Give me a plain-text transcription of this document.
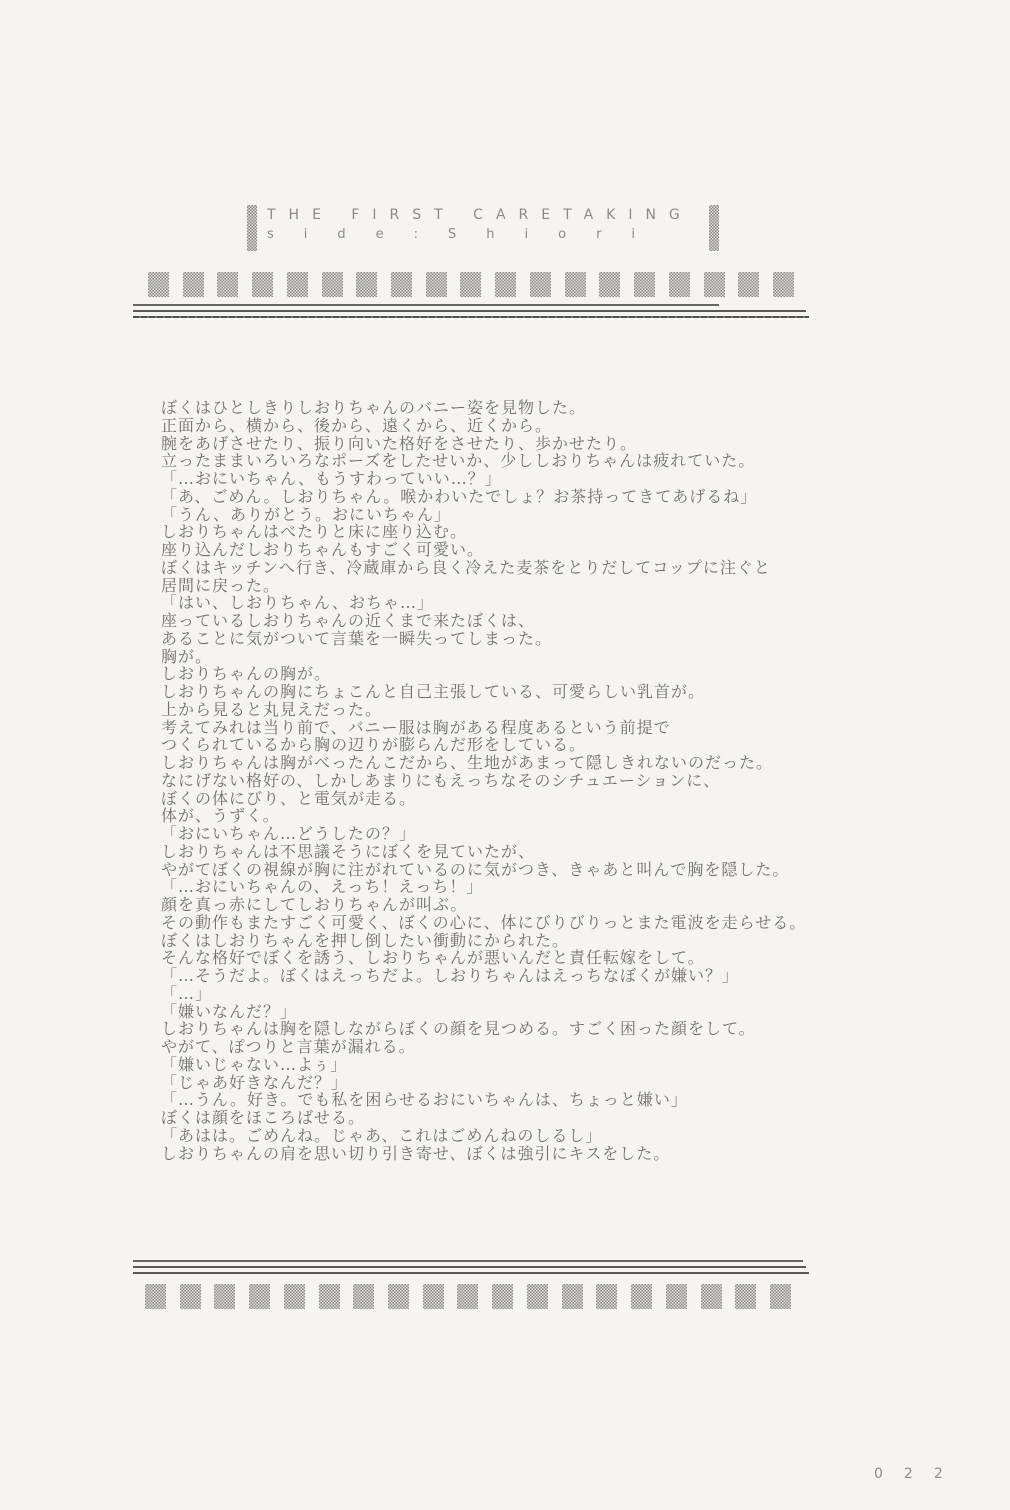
THE FIRST CARETAKING
side:Shiori
ぼくはひとしきりしおりちゃんのバニー姿を見物した。
正面から、横から、後から、遠くから、近くから。
腕をあげさせたり、振り向いた格好をさせたり、歩かせたり。
立ったままいろいろなポーズをしたせいか、少ししおりちゃんは疲れていた。
「…おにいちゃん、もうすわっていい…？」
「あ、ごめん。しおりちゃん。喉かわいたでしょ？お茶持ってきてあげるね」
「うん、ありがとう。おにいちゃん」
しおりちゃんはべたりと床に座り込む。
座り込んだしおりちゃんもすごく可愛い。
ぼくはキッチンへ行き、冷蔵庫から良く冷えた麦茶をとりだしてコップに注ぐと
居間に戻った。
「はい、しおりちゃん、おちゃ…」
座っているしおりちゃんの近くまで来たぼくは、
あることに気がついて言葉を一瞬失ってしまった。
胸が。
しおりちゃんの胸が。
しおりちゃんの胸にちょこんと自己主張している、可愛らしい乳首が。
上から見ると丸見えだった。
考えてみれは当り前で、バニー服は胸がある程度あるという前提で
つくられているから胸の辺りが膨らんだ形をしている。
しおりちゃんは胸がべったんこだから、生地があまって隠しきれないのだった。
なにげない格好の、しかしあまりにもえっちなそのシチュエーションに、
ぼくの体にびり、と電気が走る。
体が、うずく。
「おにいちゃん…どうしたの？」
しおりちゃんは不思議そうにぼくを見ていたが、
やがてぼくの視線が胸に注がれているのに気がつき、きゃあと叫んで胸を隠した。
「…おにいちゃんの、えっち！えっち！」
顔を真っ赤にしてしおりちゃんが叫ぶ。
その動作もまたすごく可愛く、ぼくの心に、体にびりびりっとまた電波を走らせる。
ぼくはしおりちゃんを押し倒したい衝動にかられた。
そんな格好でぼくを誘う、しおりちゃんが悪いんだと責任転嫁をして。
「…そうだよ。ぼくはえっちだよ。しおりちゃんはえっちなぼくが嫌い？」
「…」
「嫌いなんだ？」
しおりちゃんは胸を隠しながらぼくの顔を見つめる。すごく困った顔をして。
やがて、ぽつりと言葉が漏れる。
「嫌いじゃない…よぅ」
「じゃあ好きなんだ？」
「…うん。好き。でも私を困らせるおにいちゃんは、ちょっと嫌い」
ぼくは顔をほころばせる。
「あはは。ごめんね。じゃあ、これはごめんねのしるし」
しおりちゃんの肩を思い切り引き寄せ、ぼくは強引にキスをした。
022
